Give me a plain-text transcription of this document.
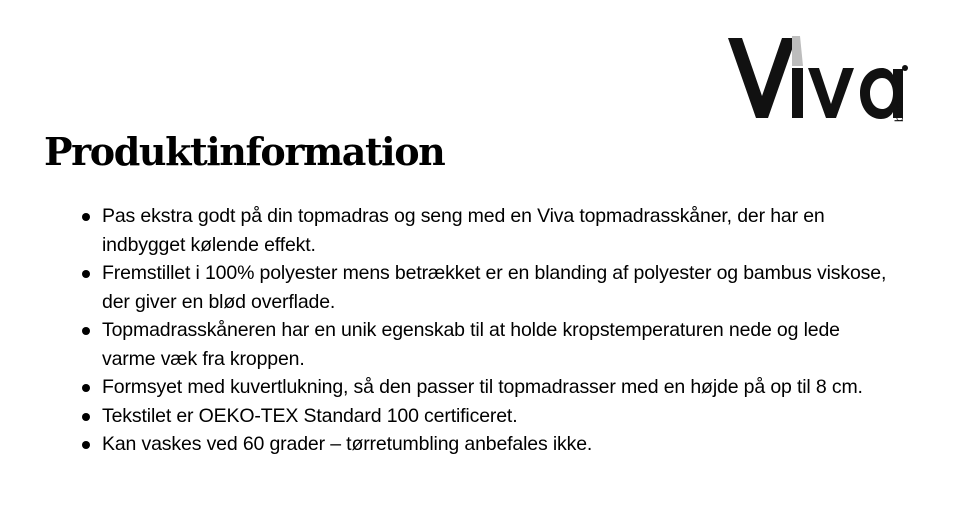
beds
Produktinformation
Pas ekstra godt på din topmadras og seng med en Viva topmadrasskåner, der har en indbygget kølende effekt.
Fremstillet i 100% polyester mens betrækket er en blanding af polyester og bambus viskose, der giver en blød overflade.
Topmadrasskåneren har en unik egenskab til at holde kropstemperaturen nede og lede varme væk fra kroppen.
Formsyet med kuvertlukning, så den passer til topmadrasser med en højde på op til 8 cm.
Tekstilet er OEKO-TEX Standard 100 certificeret.
Kan vaskes ved 60 grader – tørretumbling anbefales ikke.
